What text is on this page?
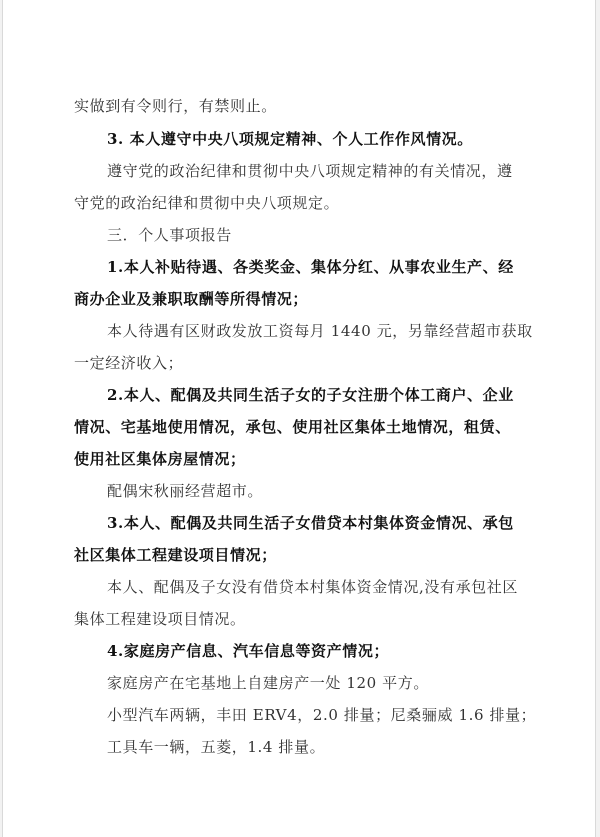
实做到有令则行，有禁则止。
3. 本人遵守中央八项规定精神、个人工作作风情况。
遵守党的政治纪律和贯彻中央八项规定精神的有关情况，遵
守党的政治纪律和贯彻中央八项规定。
三．个人事项报告
1.本人补贴待遇、各类奖金、集体分红、从事农业生产、经
商办企业及兼职取酬等所得情况；
本人待遇有区财政发放工资每月 1440 元，另靠经营超市获取
一定经济收入；
2.本人、配偶及共同生活子女的子女注册个体工商户、企业
情况、宅基地使用情况，承包、使用社区集体土地情况，租赁、
使用社区集体房屋情况；
配偶宋秋丽经营超市。
3.本人、配偶及共同生活子女借贷本村集体资金情况、承包
社区集体工程建设项目情况；
本人、配偶及子女没有借贷本村集体资金情况,没有承包社区
集体工程建设项目情况。
4.家庭房产信息、汽车信息等资产情况；
家庭房产在宅基地上自建房产一处 120 平方。
小型汽车两辆，丰田 ERV4，2.0 排量；尼桑骊威 1.6 排量；
工具车一辆，五菱，1.4 排量。
